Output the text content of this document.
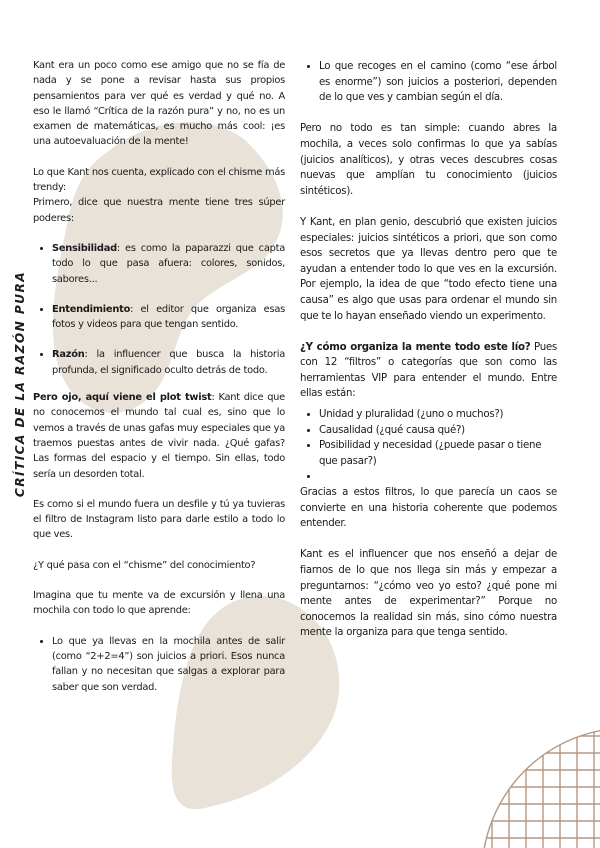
CRÍTICA DE LA RAZÓN PURA

Kant era un poco como ese amigo que no se fía de nada y se pone a revisar hasta sus propios pensamientos para ver qué es verdad y qué no. A eso le llamó “Crítica de la razón pura” y no, no es un examen de matemáticas, es mucho más cool: ¡es una autoevaluación de la mente!

Lo que Kant nos cuenta, explicado con el chisme más trendy:

Primero, dice que nuestra mente tiene tres súper poderes:

• Sensibilidad: es como la paparazzi que capta todo lo que pasa afuera: colores, sonidos, sabores...
• Entendimiento: el editor que organiza esas fotos y videos para que tengan sentido.
• Razón: la influencer que busca la historia profunda, el significado oculto detrás de todo.

Pero ojo, aquí viene el plot twist: Kant dice que no conocemos el mundo tal cual es, sino que lo vemos a través de unas gafas muy especiales que ya traemos puestas antes de vivir nada. ¿Qué gafas? Las formas del espacio y el tiempo. Sin ellas, todo sería un desorden total.

Es como si el mundo fuera un desfile y tú ya tuvieras el filtro de Instagram listo para darle estilo a todo lo que ves.

¿Y qué pasa con el “chisme” del conocimiento?

Imagina que tu mente va de excursión y llena una mochila con todo lo que aprende:

• Lo que ya llevas en la mochila antes de salir (como “2+2=4”) son juicios a priori. Esos nunca fallan y no necesitan que salgas a explorar para saber que son verdad.
• Lo que recoges en el camino (como “ese árbol es enorme”) son juicios a posteriori, dependen de lo que ves y cambian según el día.

Pero no todo es tan simple: cuando abres la mochila, a veces solo confirmas lo que ya sabías (juicios analíticos), y otras veces descubres cosas nuevas que amplían tu conocimiento (juicios sintéticos).

Y Kant, en plan genio, descubrió que existen juicios especiales: juicios sintéticos a priori, que son como esos secretos que ya llevas dentro pero que te ayudan a entender todo lo que ves en la excursión. Por ejemplo, la idea de que “todo efecto tiene una causa” es algo que usas para ordenar el mundo sin que te lo hayan enseñado viendo un experimento.

¿Y cómo organiza la mente todo este lío? Pues con 12 “filtros” o categorías que son como las herramientas VIP para entender el mundo. Entre ellas están:

• Unidad y pluralidad (¿uno o muchos?)
• Causalidad (¿qué causa qué?)
• Posibilidad y necesidad (¿puede pasar o tiene que pasar?)
•

Gracias a estos filtros, lo que parecía un caos se convierte en una historia coherente que podemos entender.

Kant es el influencer que nos enseñó a dejar de fiarnos de lo que nos llega sin más y empezar a preguntarnos: “¿cómo veo yo esto? ¿qué pone mi mente antes de experimentar?” Porque no conocemos la realidad sin más, sino cómo nuestra mente la organiza para que tenga sentido.
